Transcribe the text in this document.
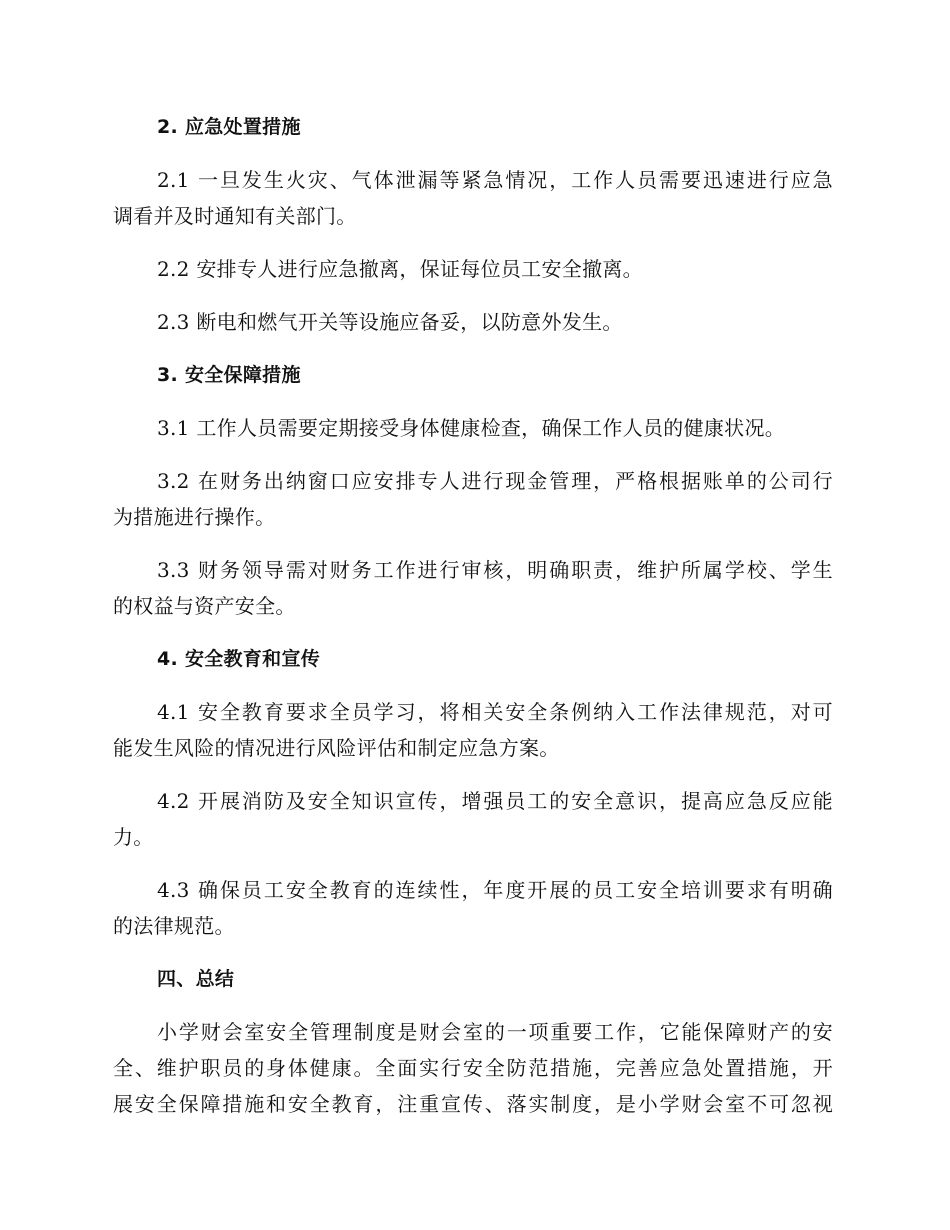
2. 应急处置措施
2.1 一旦发生火灾、气体泄漏等紧急情况，工作人员需要迅速进行应急
调看并及时通知有关部门。
2.2 安排专人进行应急撤离，保证每位员工安全撤离。
2.3 断电和燃气开关等设施应备妥，以防意外发生。
3. 安全保障措施
3.1 工作人员需要定期接受身体健康检查，确保工作人员的健康状况。
3.2 在财务出纳窗口应安排专人进行现金管理，严格根据账单的公司行
为措施进行操作。
3.3 财务领导需对财务工作进行审核，明确职责，维护所属学校、学生
的权益与资产安全。
4. 安全教育和宣传
4.1 安全教育要求全员学习，将相关安全条例纳入工作法律规范，对可
能发生风险的情况进行风险评估和制定应急方案。
4.2 开展消防及安全知识宣传，增强员工的安全意识，提高应急反应能
力。
4.3 确保员工安全教育的连续性，年度开展的员工安全培训要求有明确
的法律规范。
四、总结
小学财会室安全管理制度是财会室的一项重要工作，它能保障财产的安
全、维护职员的身体健康。全面实行安全防范措施，完善应急处置措施，开
展安全保障措施和安全教育，注重宣传、落实制度，是小学财会室不可忽视
